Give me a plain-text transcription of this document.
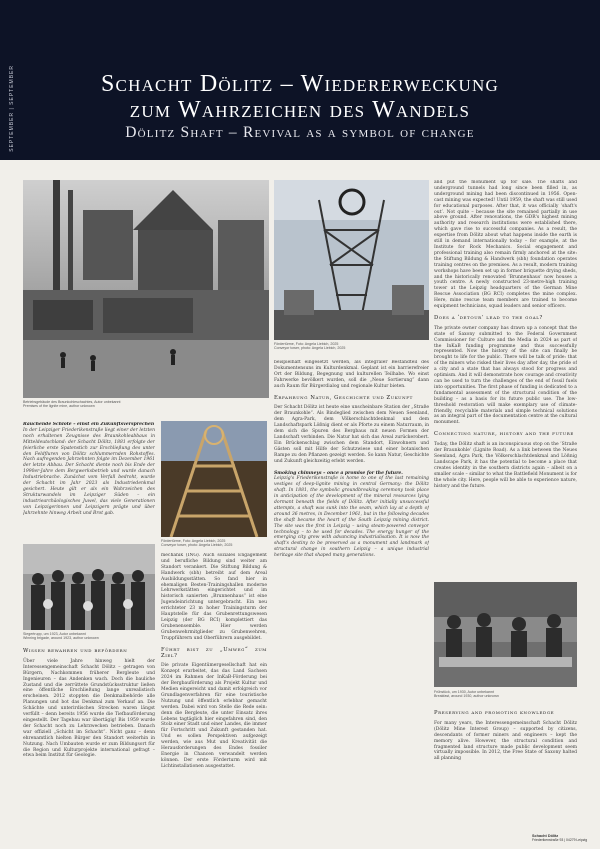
SEPTEMBER | SEPTEMBER	Schacht Dölitz – Wiedererweckung
zum Wahrzeichen des Wandels
Dölitz Shaft – Revival as a symbol of change
Betriebsgebäude des Braunkohleschachtes, Autor unbekannt
Premises of the lignite mine, author unknown
Fördertürme, Foto: Angela Liebich, 2025
Conveyor tower, photo: Angela Liebich, 2025
Fördertürme, Foto: Angela Liebich, 2025
Conveyor tower, photo: Angela Liebich, 2025
Siegertrupp, um 1923, Autor unbekannt
Winning brigade, around 1923, author unknown
Frühstück, um 1930, Autor unbekannt
Breakfast, around 1930, author unknown

Rauchende Schlote – einst ein Zukunftsversprechen
In der Leipziger Friederikenstraße liegt einer der letzten noch erhaltenen Zeugnisse des Braunkohleabbaus in Mitteldeutschland: der Schacht Dölitz, 1881 erfolgte der feierliche erste Spatenstich zur Erschließung des unter den Feldfluren von Dölitz schlummernden Rohstoffes. Nach aufregenden Jahrzehnten folgte im Dezember 1961 der letzte Abbau. Der Schacht diente noch bis Ende der 1990er-Jahre dem Bergwerksbetrieb und wurde danach Industriebrache. Zunächst vom Verfall bedroht, wurde der Schacht im Jahr 2023 als Industriedenkmal gesichert. Heute gilt er als ein Wahrzeichen des Strukturwandels im Leipziger Süden – ein industriearchäologisches Juwel, das viele Generationen von Leipzigerinnen und Leipzigern prägte und über Jahrzehnte hinweg Arbeit und Brot gab.

Wissen bewahren und befördern

Über viele Jahre hinweg hielt der Interessengemeinschaft Schacht Dölitz – getragen von Bürgern, Nachkommen früherer Bergleute und Ingenieuren – das Andenken wach. Doch die bauliche Zustand und die zerrüttete Grundstücksstruktur ließen eine öffentliche Erschließung lange unrealistisch erscheinen. 2012 stoppten die Denkmalbehörde alle Planungen und bot das Denkmal zum Verkauf an. Die Schächte und unterirdischen Strecken waren längst verfüllt – denn bereits 1956 wurde die Tiefbauförderung eingestellt. Der Tagebau war übertägig! Bis 1959 wurde der Schacht noch zu Lehrzwecken betrieben. Danach war offiziell „Schicht im Schacht“. Nicht ganz – denn ehrenamtlich hielten Bürger den Standort weiterhin in Nutzung. Nach Umbauten wurde er zum Bildungsort für die Region und Kulturprojekte international gefragt – etwa beim Institut für Geologie.

mechanik (ING). Auch soziales Engagement und berufliche Bildung sind weiter am Standort verankert. Die Stiftung Bildung & Handwerk (sbh) betreibt auf dem Areal Ausbildungsstätten. So fand hier in ehemaligen Besten-Trainingshallen moderne Lehrwerkstätten eingerichtet und im historisch sanierten „Brunnenhaus“ ist eine Jugendeinrichtung untergebracht. Ein neu errichteter 23 m hoher Trainingsturm der Hauptstelle für das Grubenrettungswesen Leipzig (der BG RCI) komplettiert das Grubenensemble. Hier werden Grubenwehrmitglieder zu Grubenwehren, Truppführern und Oberführern ausgebildet.

Führt bist zu „Umweg“ zum Ziel?

Die private Eigentümergesellschaft hat ein Konzept erarbeitet, das das Land Sachsen 2024 im Rahmen der InKaB-Förderung bei der Bergbauförderung als Projekt Kultur und Medien eingereicht und damit erfolgreich vor Grundlagenverfahren für eine touristische Nutzung und öffentlich erlebbar gemacht werden. Dabei wird von Stelle die Rede sein: denn die Bergleute, die unter Einsatz ihres Lebens tagtäglich hier eingefahren sind, den Stolz einer Stadt und einer Landes, die immer für Fortschritt und Zukunft gestanden hat. Und es sollen Perspektiven aufgezeigt werden, wie aus Mut und Kreativität die Herausforderungen des Endes fossiler Energie in Chancen verwandelt werden können. Der erste Förderturm wird mit Lichtinstallationen ausgestattet.

beispielhaft eingesetzt werden, als integraler Bestandteil des Dokumentensuns im Kulturdenkmal. Geplant ist ein barrierefreier Ort der Bildung, Begegnung und kulturellen Teilhabe. Wo einst Fahrwerke bevölkert wurden, soll die „Neue Sortierung“ dann auch Raum für Bürgerdialog und regionale Kultur bieten.

Erfahrung Natur, Geschichte und Zukunft

Der Schacht Dölitz ist heute eine unscheinbare Station der „Straße der Braunkohle“. Als Bindeglied zwischen dem Neuen Seenland, dem Agra-Park, dem Völkerschlachtdenkmal und dem Landschaftspark Lößnig dient er als Pforte zu einem Naturraum, in dem sich die Spuren des Bergbaus mit neuen Formen der Landschaft verbinden. Die Natur hat sich das Areal zurückerobert. Ein Brückenschlag zwischen dem Standort, Einwohnern und Gästen soll mit Hilfe der Schutzwiese und einer botanischen Rampe zu den Pflanzen gezeigt werden. So kann Natur, Geschichte und Zukunft gleichzeitig erlebt werden.

Smoking chimneys – once a promise for the future.
Leipzig's Friederikenstraße is home to one of the last remaining vestiges of deep-lignite mining in central Germany: the Dölitz shaft. In 1881, the symbolic groundbreaking ceremony took place in anticipation of the development of the mineral resources lying dormant beneath the fields of Dölitz. After initially unsuccessful attempts, a shaft was sunk into the seam, which lay at a depth of around 36 metres, in December 1961, but in the following decades the shaft became the heart of the South Leipzig mining district. The site was the first in Leipzig – using steam-powered conveyor technology – to be used for decades. The energy hunger of the emerging city grew with advancing industrialisation. It is now the shaft's destiny to be preserved as a monument and landmark of structural change in southern Leipzig – a unique industrial heritage site that shaped many generations.

and put the monument up for sale. The shafts and underground tunnels had long since been filled in, as underground mining had been discontinued in 1956. Open-cast mining was expected! Until 1959, the shaft was still used for educational purposes. After that, it was officially ‘shaft's out’. Not quite – because the site remained partially in use above ground. After renovations, the GDR's highest mining authority and research institutions were established there, which gave rise to successful companies. As a result, the expertise from Dölitz about what happens inside the earth is still in demand internationally today – for example, at the Institute for Rock Mechanics. Social engagement and professional training also remain firmly anchored at the site: the Stiftung Bildung & Handwerk (sbh) foundation operates training centres on the premises. As a result, modern training workshops have been set up in former briquette drying sheds, and the historically renovated ‘Brunnenhaus’ now houses a youth centre. A newly constructed 23-metre-high training tower at the Leipzig headquarters of the German Mine Rescue Association (BG RCI) completes the mine complex. Here, mine rescue team members are trained to become equipment technicians, squad leaders and senior officers.

Does a ‘detour’ lead to the goal?

The private owner company has drawn up a concept that the state of Saxony submitted to the Federal Government Commissioner for Culture and the Media in 2024 as part of the InKaB funding programme and thus successfully represented. Now the history of the site can finally be brought to life for the public. There will be talk of pride: that of the miners who risked their lives day after day, the pride of a city and a state that has always stood for progress and optimism. And it will demonstrate how courage and creativity can be used to turn the challenges of the end of fossil fuels into opportunities. The first phase of funding is dedicated to a fundamental assessment of the structural condition of the building – as a basis for its future public use. The low-threshold restoration will make exemplary use of climate-friendly, recyclable materials and simple technical solutions as an integral part of the documentation centre at the cultural monument.

Connecting nature, history and the future

Today, the Dölitz shaft is an inconspicuous stop on the ‘Straße der Braunkohle’ (Lignite Road). As a link between the Neues Seenland, Agra Park, the Völkerschlachtdenkmal and Lößnig Landscape Park, it has the potential to become a place that creates identity in the southern districts again – albeit on a smaller scale – similar to what the Battlefield Monument is for the whole city. Here, people will be able to experience nature, history and the future.

Preserving and promoting knowledge

For many years, the Interessengemeinschaft Schacht Dölitz (Dölitz Mine Interest Group) – supported by citizens, descendants of former miners and engineers – kept the memory alive. However, the structural condition and fragmented land structure made public development seem virtually impossible. In 2012, the Free State of Saxony halted all planning

Schacht Dölitz
Friederikenstraße 93 | 04279 Leipzig
